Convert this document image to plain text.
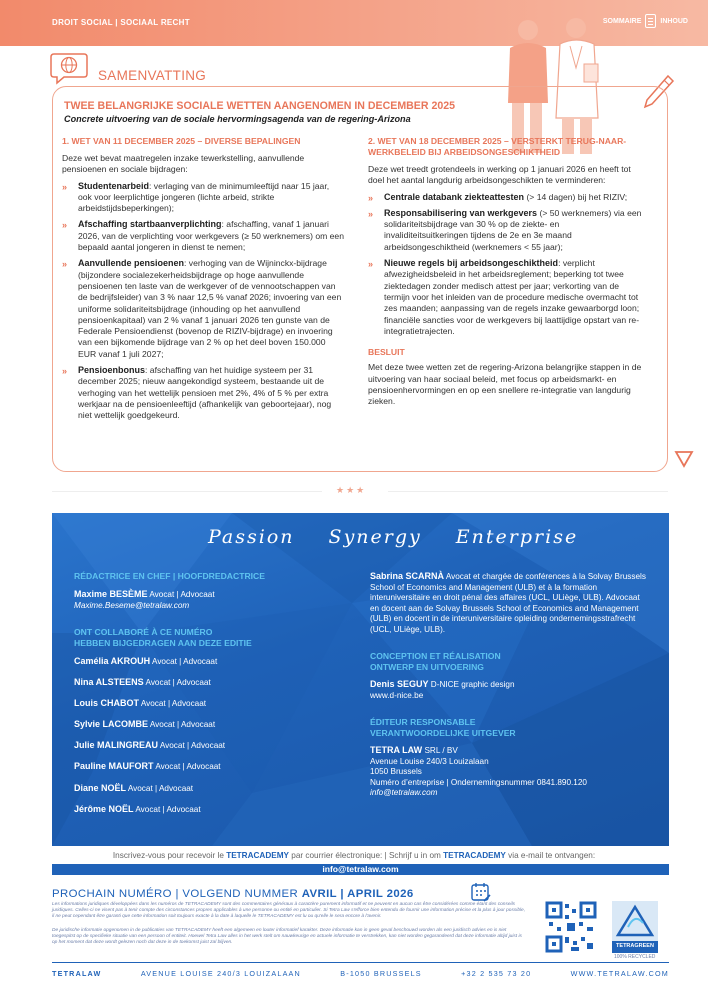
DROIT SOCIAL | SOCIAAL RECHT	SOMMAIRE	INHOUD
SAMENVATTING
TWEE BELANGRIJKE SOCIALE WETTEN AANGENOMEN IN DECEMBER 2025
Concrete uitvoering van de sociale hervormingsagenda van de regering-Arizona
1. WET VAN 11 DECEMBER 2025 – DIVERSE BEPALINGEN
Deze wet bevat maatregelen inzake tewerkstelling, aanvullende pensioenen en sociale bijdragen:
» Studentenarbeid: verlaging van de minimumleeftijd naar 15 jaar, ook voor leerplichtige jongeren (lichte arbeid, strikte arbeidstijdsbeperkingen);
» Afschaffing startbaanverplichting: afschaffing, vanaf 1 januari 2026, van de verplichting voor werkgevers (≥ 50 werknemers) om een bepaald aantal jongeren in dienst te nemen;
» Aanvullende pensioenen: verhoging van de Wijninckx-bijdrage (bijzondere socialezekerheidsbijdrage op hoge aanvullende pensioenen ten laste van de werkgever of de vennootschappen van de bedrijfsleider) van 3 % naar 12,5 % vanaf 2026; invoering van een uniforme solidariteitsbijdrage (inhouding op het aanvullend pensioenkapitaal) van 2 % vanaf 1 januari 2026 ten gunste van de Federale Pensioendienst (bovenop de RIZIV-bijdrage) en invoering van een bijkomende bijdrage van 2 % op het deel boven 150.000 EUR vanaf 1 juli 2027;
» Pensioenbonus: afschaffing van het huidige systeem per 31 december 2025; nieuw aangekondigd systeem, bestaande uit de verhoging van het wettelijk pensioen met 2%, 4% of 5 % per extra werkjaar na de pensioenleeftijd (afhankelijk van geboortejaar), nog niet wettelijk goedgekeurd.
2. WET VAN 18 DECEMBER 2025 – VERSTERKT TERUG-NAAR-WERKBELEID BIJ ARBEIDSONGESCHIKTHEID
Deze wet treedt grotendeels in werking op 1 januari 2026 en heeft tot doel het aantal langdurig arbeidsongeschikten te verminderen:
» Centrale databank ziekteattesten (> 14 dagen) bij het RIZIV;
» Responsabilisering van werkgevers (> 50 werknemers) via een solidariteitsbijdrage van 30 % op de ziekte- en invaliditeitsuitkeringen tijdens de 2e en 3e maand arbeidsongeschiktheid (werknemers < 55 jaar);
» Nieuwe regels bij arbeidsongeschiktheid: verplicht afwezigheidsbeleid in het arbeidsreglement; beperking tot twee ziektedagen zonder medisch attest per jaar; verkorting van de termijn voor het inleiden van de procedure medische overmacht tot zes maanden; aanpassing van de regels inzake gewaarborgd loon; financiële sancties voor de werkgevers bij laattijdige opstart van re-integratietrajecten.
BESLUIT
Met deze twee wetten zet de regering-Arizona belangrijke stappen in de uitvoering van haar sociaal beleid, met focus op arbeidsmarkt- en pensioenhervormingen en op een snellere re-integratie van langdurig zieken.
★★★
Passion Synergy Enterprise
RÉDACTRICE EN CHEF | HOOFDREDACTRICE
Maxime BESÈME Avocat | Advocaat
Maxime.Beseme@tetralaw.com
ONT COLLABORÉ À CE NUMÉRO
HEBBEN BIJGEDRAGEN AAN DEZE EDITIE
Camélia AKROUH Avocat | Advocaat
Nina ALSTEENS Avocat | Advocaat
Louis CHABOT Avocat | Advocaat
Sylvie LACOMBE Avocat | Advocaat
Julie MALINGREAU Avocat | Advocaat
Pauline MAUFORT Avocat | Advocaat
Diane NOËL Avocat | Advocaat
Jérôme NOËL Avocat | Advocaat
Sabrina SCARNÀ Avocat et chargée de conférences à la Solvay Brussels School of Economics and Management (ULB) et à la formation interuniversitaire en droit pénal des affaires (UCL, ULiège, ULB). Advocaat en docent aan de Solvay Brussels School of Economics and Management (ULB) en docent in de interuniversitaire opleiding ondernemingsstrafrecht (UCL, ULiège, ULB).
CONCEPTION ET RÉALISATION
ONTWERP EN UITVOERING
Denis SEGUY D-NICE graphic design
www.d-nice.be
ÉDITEUR RESPONSABLE
VERANTWOORDELIJKE UITGEVER
TETRA LAW SRL / BV
Avenue Louise 240/3 Louizalaan
1050 Brussels
Numéro d’entreprise | Ondernemingsnummer 0841.890.120
info@tetralaw.com
Inscrivez-vous pour recevoir le TETRACADEMY par courrier électronique: | Schrijf u in om TETRACADEMY via e-mail te ontvangen:
info@tetralaw.com
PROCHAIN NUMÉRO | VOLGEND NUMMER AVRIL | APRIL 2026
Les informations juridiques développées dans les numéros de TETRACADEMY sont des commentaires généraux à caractère purement informatif et ne peuvent en aucun cas être considérées comme étant des conseils juridiques. Celles-ci ne visent pas à tenir compte des circonstances propres applicables à une personne ou entité en particulier. Si Tetra Law s'efforce bien entendu de fournir une information précise et la plus à jour possible, il ne peut cependant être garanti que cette information soit toujours exacte à la date à laquelle le TETRACADEMY est lu ou qu'elle le sera encore à l'avenir.
De juridische informatie opgenomen in de publicaties van TETRACADEMY heeft een algemeen en louter informatief karakter. Deze informatie kan in geen geval beschouwd worden als een juridisch advies en is niet toegespitst op de specifieke situatie van een persoon of entiteit. Hoewel Tetra Law alles in het werk stelt om nauwkeurige en actuele informatie te verstrekken, kan niet worden gegarandeerd dat deze informatie altijd juist is op het moment dat deze wordt gelezen noch dat deze in de toekomst juist zal blijven.
TETRAGREEN
100% RECYCLED
TETRALAW	AVENUE LOUISE 240/3 LOUIZALAAN	B-1050 BRUSSELS	+32 2 535 73 20	WWW.TETRALAW.COM
